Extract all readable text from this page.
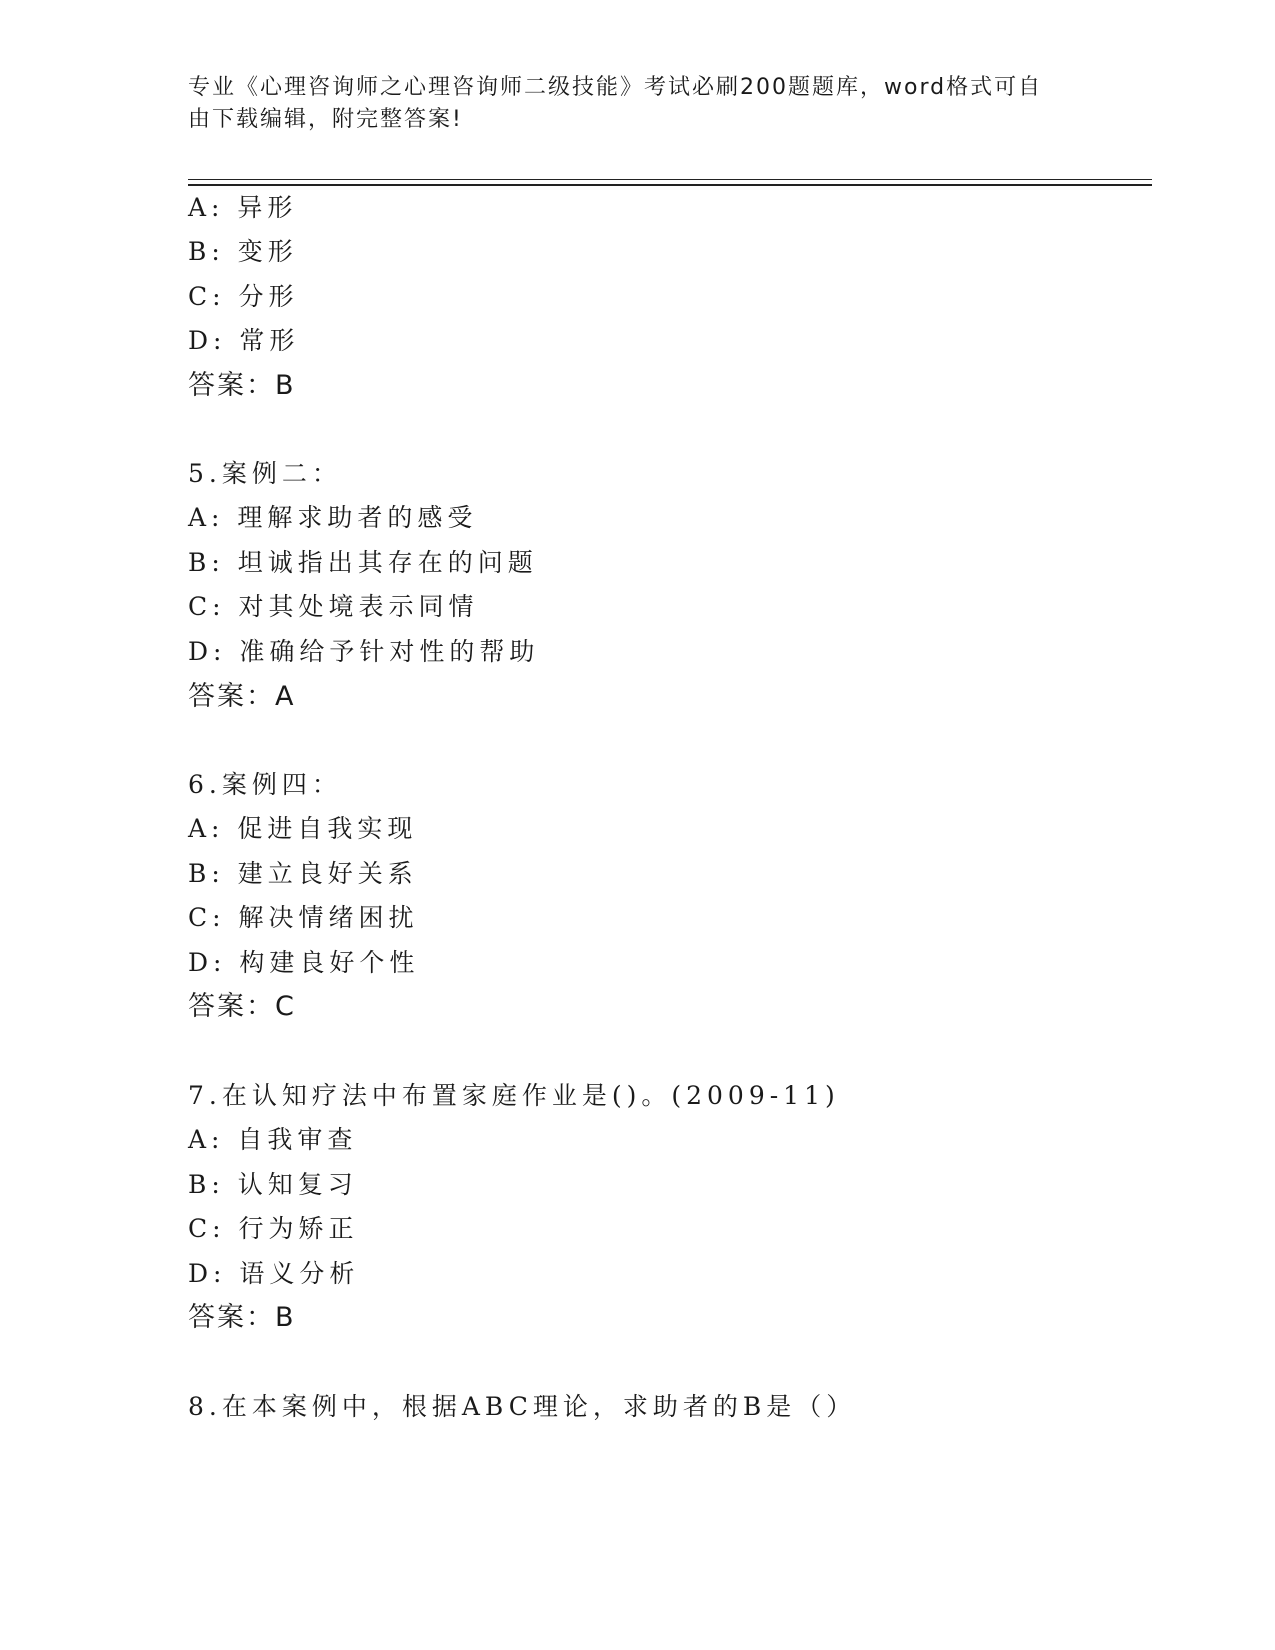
专业《心理咨询师之心理咨询师二级技能》考试必刷200题题库，word格式可自
由下载编辑，附完整答案!
A: 异形
B: 变形
C: 分形
D: 常形
答案：B
5.案例二：
A: 理解求助者的感受
B: 坦诚指出其存在的问题
C: 对其处境表示同情
D: 准确给予针对性的帮助
答案：A
6.案例四：
A: 促进自我实现
B: 建立良好关系
C: 解决情绪困扰
D: 构建良好个性
答案：C
7.在认知疗法中布置家庭作业是()。(2009-11)
A: 自我审查
B: 认知复习
C: 行为矫正
D: 语义分析
答案：B
8.在本案例中，根据ABC理论，求助者的B是（）
